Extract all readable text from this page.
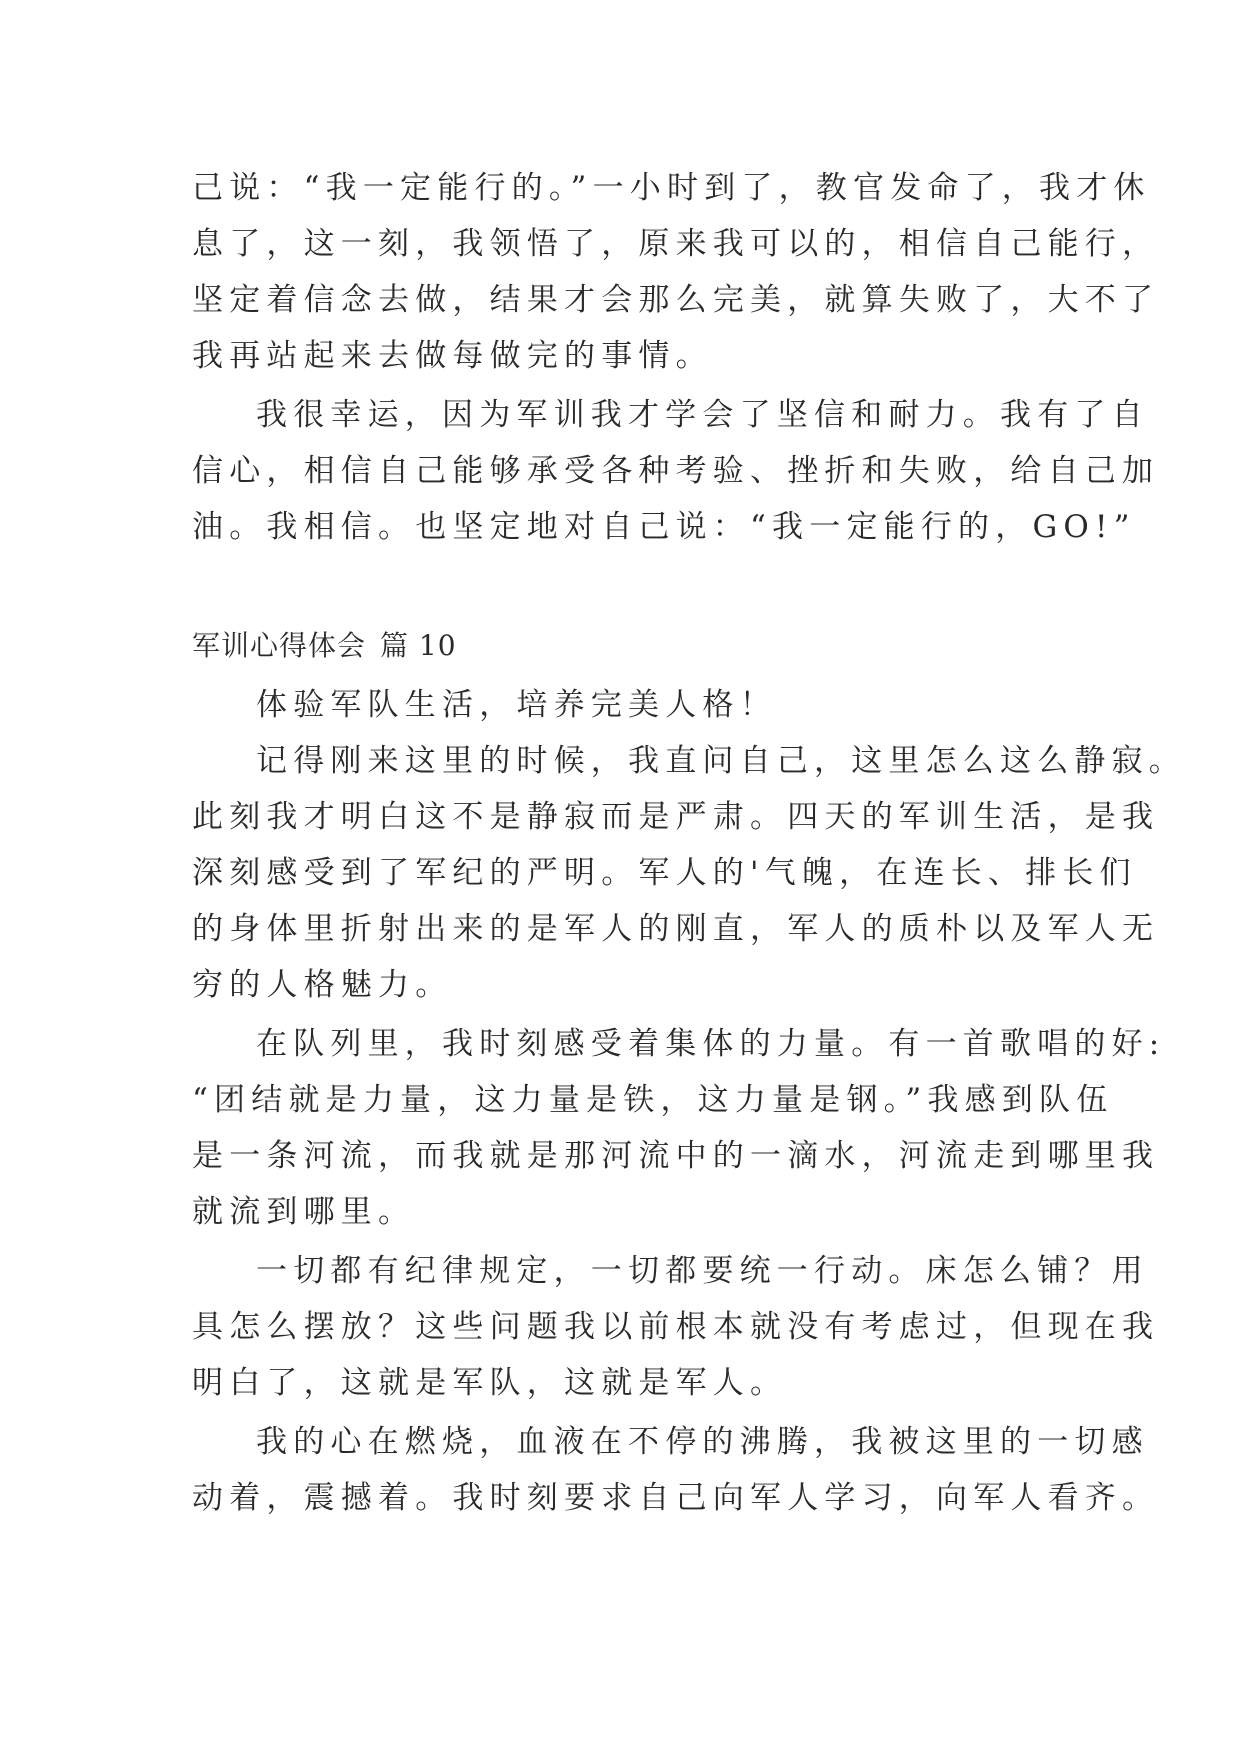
己说：“我一定能行的。”一小时到了，教官发命了，我才休
息了，这一刻，我领悟了，原来我可以的，相信自己能行，
坚定着信念去做，结果才会那么完美，就算失败了，大不了
我再站起来去做每做完的事情。
我很幸运，因为军训我才学会了坚信和耐力。我有了自
信心，相信自己能够承受各种考验、挫折和失败，给自己加
油。我相信。也坚定地对自己说：“我一定能行的，GO!”
军训心得体会 篇 10
体验军队生活，培养完美人格！
记得刚来这里的时候，我直问自己，这里怎么这么静寂。
此刻我才明白这不是静寂而是严肃。四天的军训生活，是我
深刻感受到了军纪的严明。军人的'气魄，在连长、排长们
的身体里折射出来的是军人的刚直，军人的质朴以及军人无
穷的人格魅力。
在队列里，我时刻感受着集体的力量。有一首歌唱的好:
“团结就是力量，这力量是铁，这力量是钢。”我感到队伍
是一条河流，而我就是那河流中的一滴水，河流走到哪里我
就流到哪里。
一切都有纪律规定，一切都要统一行动。床怎么铺？用
具怎么摆放？这些问题我以前根本就没有考虑过，但现在我
明白了，这就是军队，这就是军人。
我的心在燃烧，血液在不停的沸腾，我被这里的一切感
动着，震撼着。我时刻要求自己向军人学习，向军人看齐。
